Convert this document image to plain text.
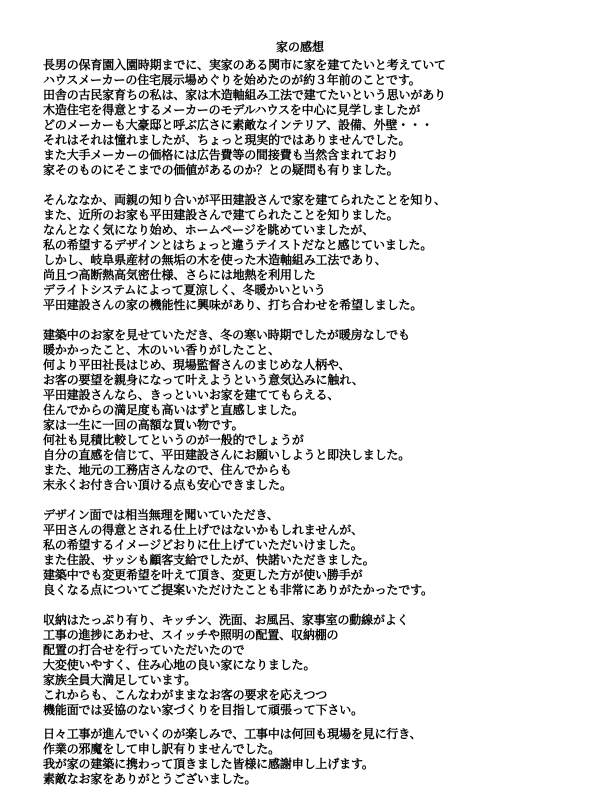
家の感想
長男の保育園入園時期までに、実家のある関市に家を建てたいと考えていて
ハウスメーカーの住宅展示場めぐりを始めたのが約３年前のことです。
田舎の古民家育ちの私は、家は木造軸組み工法で建てたいという思いがあり
木造住宅を得意とするメーカーのモデルハウスを中心に見学しましたが
どのメーカーも大豪邸と呼ぶ広さに素敵なインテリア、設備、外壁・・・
それはそれは憧れましたが、ちょっと現実的ではありませんでした。
また大手メーカーの価格には広告費等の間接費も当然含まれており
家そのものにそこまでの価値があるのか？との疑問も有りました。
そんななか、両親の知り合いが平田建設さんで家を建てられたことを知り、
また、近所のお家も平田建設さんで建てられたことを知りました。
なんとなく気になり始め、ホームページを眺めていましたが、
私の希望するデザインとはちょっと違うテイストだなと感じていました。
しかし、岐阜県産材の無垢の木を使った木造軸組み工法であり、
尚且つ高断熱高気密仕様、さらには地熱を利用した
デライトシステムによって夏涼しく、冬暖かいという
平田建設さんの家の機能性に興味があり、打ち合わせを希望しました。
建築中のお家を見せていただき、冬の寒い時期でしたが暖房なしでも
暖かかったこと、木のいい香りがしたこと、
何より平田社長はじめ、現場監督さんのまじめな人柄や、
お客の要望を親身になって叶えようという意気込みに触れ、
平田建設さんなら、きっといいお家を建ててもらえる、
住んでからの満足度も高いはずと直感しました。
家は一生に一回の高額な買い物です。
何社も見積比較してというのが一般的でしょうが
自分の直感を信じて、平田建設さんにお願いしようと即決しました。
また、地元の工務店さんなので、住んでからも
末永くお付き合い頂ける点も安心できました。
デザイン面では相当無理を聞いていただき、
平田さんの得意とされる仕上げではないかもしれませんが、
私の希望するイメージどおりに仕上げていただいけました。
また住設、サッシも顧客支給でしたが、快諾いただきました。
建築中でも変更希望を叶えて頂き、変更した方が使い勝手が
良くなる点についてご提案いただけたことも非常にありがたかったです。
収納はたっぷり有り、キッチン、洗面、お風呂、家事室の動線がよく
工事の進捗にあわせ、スイッチや照明の配置、収納棚の
配置の打合せを行っていただいたので
大変使いやすく、住み心地の良い家になりました。
家族全員大満足しています。
これからも、こんなわがままなお客の要求を応えつつ
機能面では妥協のない家づくりを目指して頑張って下さい。
日々工事が進んでいくのが楽しみで、工事中は何回も現場を見に行き、
作業の邪魔をして申し訳有りませんでした。
我が家の建築に携わって頂きました皆様に感謝申し上げます。
素敵なお家をありがとうございました。
